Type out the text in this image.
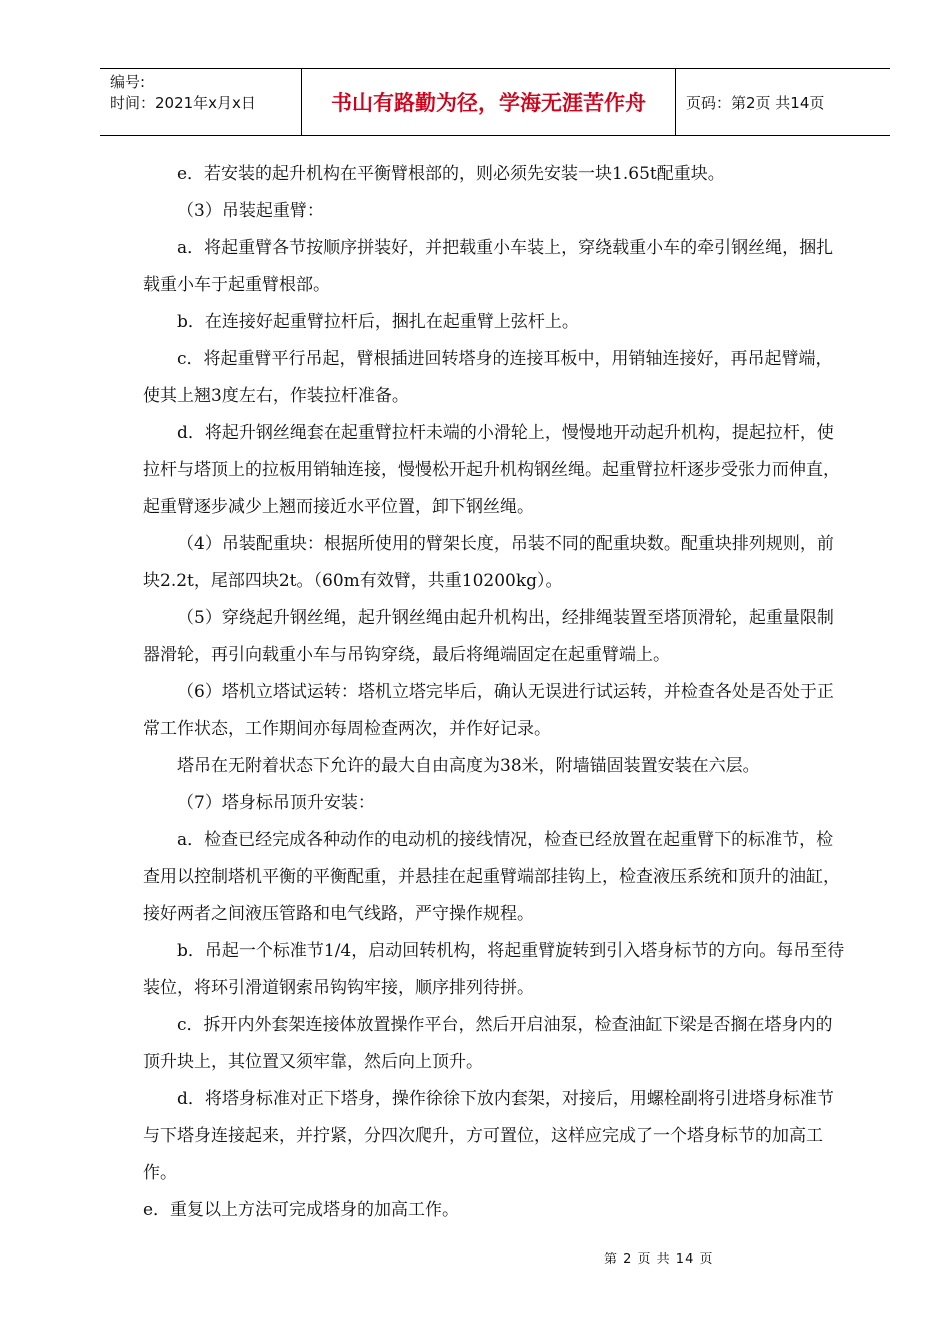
编号:
时间：2021年x月x日	书山有路勤为径，学海无涯苦作舟	页码：第2页 共14页

e．若安装的起升机构在平衡臂根部的，则必须先安装一块1.65t配重块。

（3）吊装起重臂：

a．将起重臂各节按顺序拼装好，并把载重小车装上，穿绕载重小车的牵引钢丝绳，捆扎载重小车于起重臂根部。

b．在连接好起重臂拉杆后，捆扎在起重臂上弦杆上。

c．将起重臂平行吊起，臂根插进回转塔身的连接耳板中，用销轴连接好，再吊起臂端，使其上翘3度左右，作装拉杆准备。

d．将起升钢丝绳套在起重臂拉杆未端的小滑轮上，慢慢地开动起升机构，提起拉杆，使拉杆与塔顶上的拉板用销轴连接，慢慢松开起升机构钢丝绳。起重臂拉杆逐步受张力而伸直，起重臂逐步减少上翘而接近水平位置，卸下钢丝绳。

（4）吊装配重块：根据所使用的臂架长度，吊装不同的配重块数。配重块排列规则，前块2.2t，尾部四块2t。（60m有效臂，共重10200kg）。

（5）穿绕起升钢丝绳，起升钢丝绳由起升机构出，经排绳装置至塔顶滑轮，起重量限制器滑轮，再引向载重小车与吊钩穿绕，最后将绳端固定在起重臂端上。

（6）塔机立塔试运转：塔机立塔完毕后，确认无误进行试运转，并检查各处是否处于正常工作状态，工作期间亦每周检查两次，并作好记录。

塔吊在无附着状态下允许的最大自由高度为38米，附墙锚固装置安装在六层。

（7）塔身标吊顶升安装：

a．检查已经完成各种动作的电动机的接线情况，检查已经放置在起重臂下的标准节，检查用以控制塔机平衡的平衡配重，并悬挂在起重臂端部挂钩上，检查液压系统和顶升的油缸，接好两者之间液压管路和电气线路，严守操作规程。

b．吊起一个标准节1/4，启动回转机构，将起重臂旋转到引入塔身标节的方向。每吊至待装位，将环引滑道钢索吊钩钩牢接，顺序排列待拼。

c．拆开内外套架连接体放置操作平台，然后开启油泵，检查油缸下梁是否搁在塔身内的顶升块上，其位置又须牢靠，然后向上顶升。

d．将塔身标准对正下塔身，操作徐徐下放内套架，对接后，用螺栓副将引进塔身标准节与下塔身连接起来，并拧紧，分四次爬升，方可置位，这样应完成了一个塔身标节的加高工作。

e．重复以上方法可完成塔身的加高工作。

第 2 页 共 14 页
